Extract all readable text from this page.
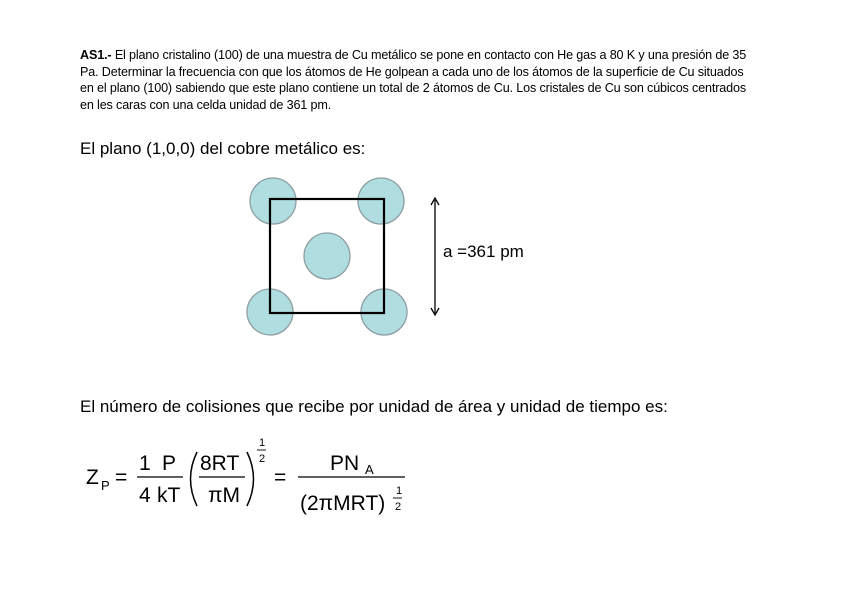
AS1.- El plano cristalino (100) de una muestra de Cu metálico se pone en contacto con He gas a 80 K y una presión de 35 Pa. Determinar la frecuencia con que los átomos de He golpean a cada uno de los átomos de la superficie de Cu situados en el plano (100) sabiendo que este plano contiene un total de 2 átomos de Cu. Los cristales de Cu son cúbicos centrados en les caras con una celda unidad de 361 pm.
El plano (1,0,0) del cobre metálico es:
a =361 pm
Z P =
1
4
P
kT
8RT
πM
1
2
=
PN A
(2πMRT)
1
2
El número de colisiones que recibe por unidad de área y unidad de tiempo es:
